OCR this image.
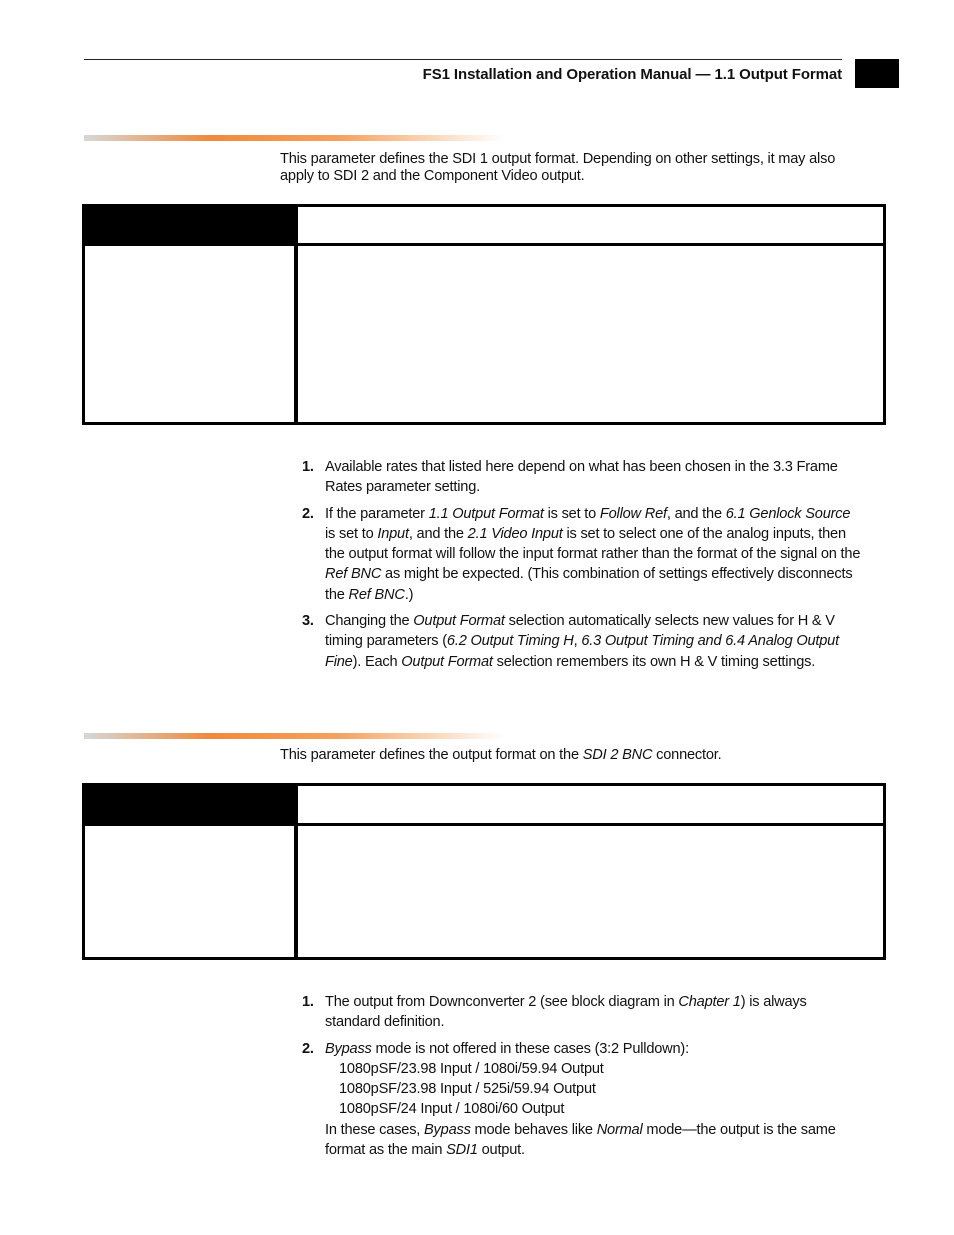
FS1 Installation and Operation Manual — 1.1 Output Format
This parameter defines the SDI 1 output format. Depending on other settings, it may also apply to SDI 2 and the Component Video output.
1. Available rates that listed here depend on what has been chosen in the 3.3 Frame Rates parameter setting.
2. If the parameter 1.1 Output Format is set to Follow Ref, and the 6.1 Genlock Source is set to Input, and the 2.1 Video Input is set to select one of the analog inputs, then the output format will follow the input format rather than the format of the signal on the Ref BNC as might be expected. (This combination of settings effectively disconnects the Ref BNC.)
3. Changing the Output Format selection automatically selects new values for H & V timing parameters (6.2 Output Timing H, 6.3 Output Timing and 6.4 Analog Output Fine). Each Output Format selection remembers its own H & V timing settings.
This parameter defines the output format on the SDI 2 BNC connector.
1. The output from Downconverter 2 (see block diagram in Chapter 1) is always standard definition.
2. Bypass mode is not offered in these cases (3:2 Pulldown):
1080pSF/23.98 Input / 1080i/59.94 Output
1080pSF/23.98 Input / 525i/59.94 Output
1080pSF/24 Input / 1080i/60 Output
In these cases, Bypass mode behaves like Normal mode—the output is the same format as the main SDI1 output.
